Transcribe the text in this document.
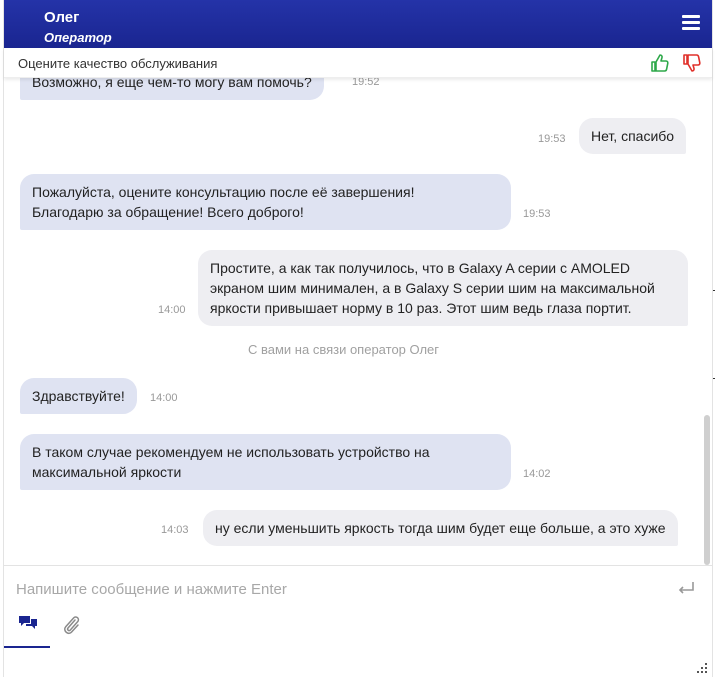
Олег
Оператор
Оцените качество обслуживания
Возможно, я еще чем-то могу вам помочь?	19:52
19:53	Нет, спасибо
Пожалуйста, оцените консультацию после её завершения!
Благодарю за обращение! Всего доброго!	19:53
14:00
Простите, а как так получилось, что в Galaxy A серии с AMOLED
экраном шим минимален, а в Galaxy S серии шим на максимальной
яркости привышает норму в 10 раз. Этот шим ведь глаза портит.
С вами на связи оператор Олег
Здравствуйте!	14:00
В таком случае рекомендуем не использовать устройство на
максимальной яркости	14:02
14:03	ну если уменьшить яркость тогда шим будет еще больше, а это хуже
Напишите сообщение и нажмите Enter
